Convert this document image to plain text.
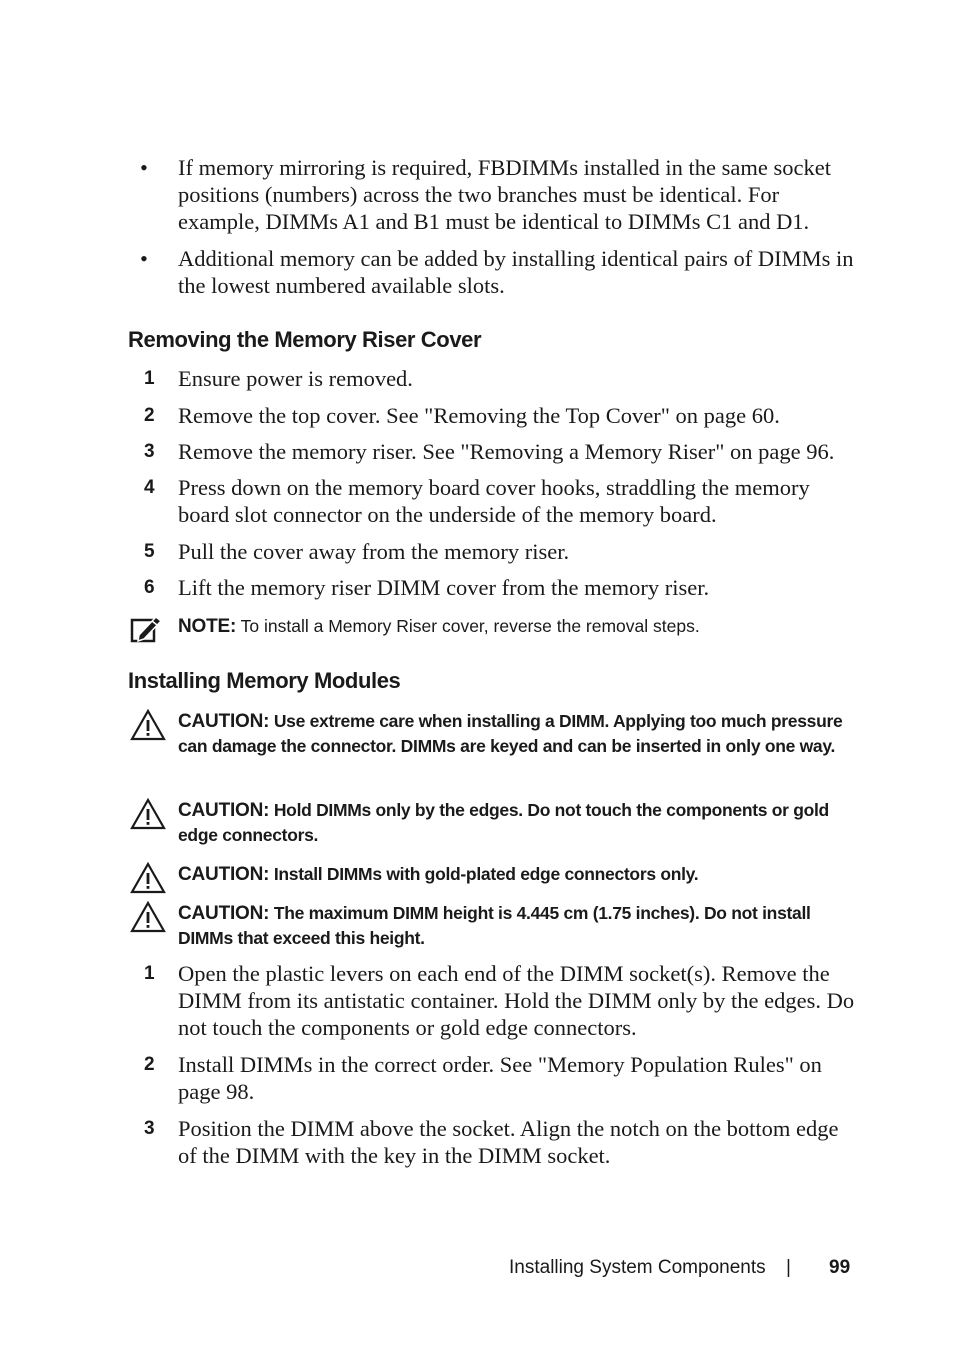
•	If memory mirroring is required, FBDIMMs installed in the same socket positions (numbers) across the two branches must be identical. For example, DIMMs A1 and B1 must be identical to DIMMs C1 and D1.
•	Additional memory can be added by installing identical pairs of DIMMs in the lowest numbered available slots.
Removing the Memory Riser Cover
1 Ensure power is removed.
2 Remove the top cover. See "Removing the Top Cover" on page 60.
3 Remove the memory riser. See "Removing a Memory Riser" on page 96.
4 Press down on the memory board cover hooks, straddling the memory board slot connector on the underside of the memory board.
5 Pull the cover away from the memory riser.
6 Lift the memory riser DIMM cover from the memory riser.
NOTE: To install a Memory Riser cover, reverse the removal steps.
Installing Memory Modules
CAUTION: Use extreme care when installing a DIMM. Applying too much pressure can damage the connector. DIMMs are keyed and can be inserted in only one way.
CAUTION: Hold DIMMs only by the edges. Do not touch the components or gold edge connectors.
CAUTION: Install DIMMs with gold-plated edge connectors only.
CAUTION: The maximum DIMM height is 4.445 cm (1.75 inches). Do not install DIMMs that exceed this height.
1 Open the plastic levers on each end of the DIMM socket(s). Remove the DIMM from its antistatic container. Hold the DIMM only by the edges. Do not touch the components or gold edge connectors.
2 Install DIMMs in the correct order. See "Memory Population Rules" on page 98.
3 Position the DIMM above the socket. Align the notch on the bottom edge of the DIMM with the key in the DIMM socket.
Installing System Components | 99
